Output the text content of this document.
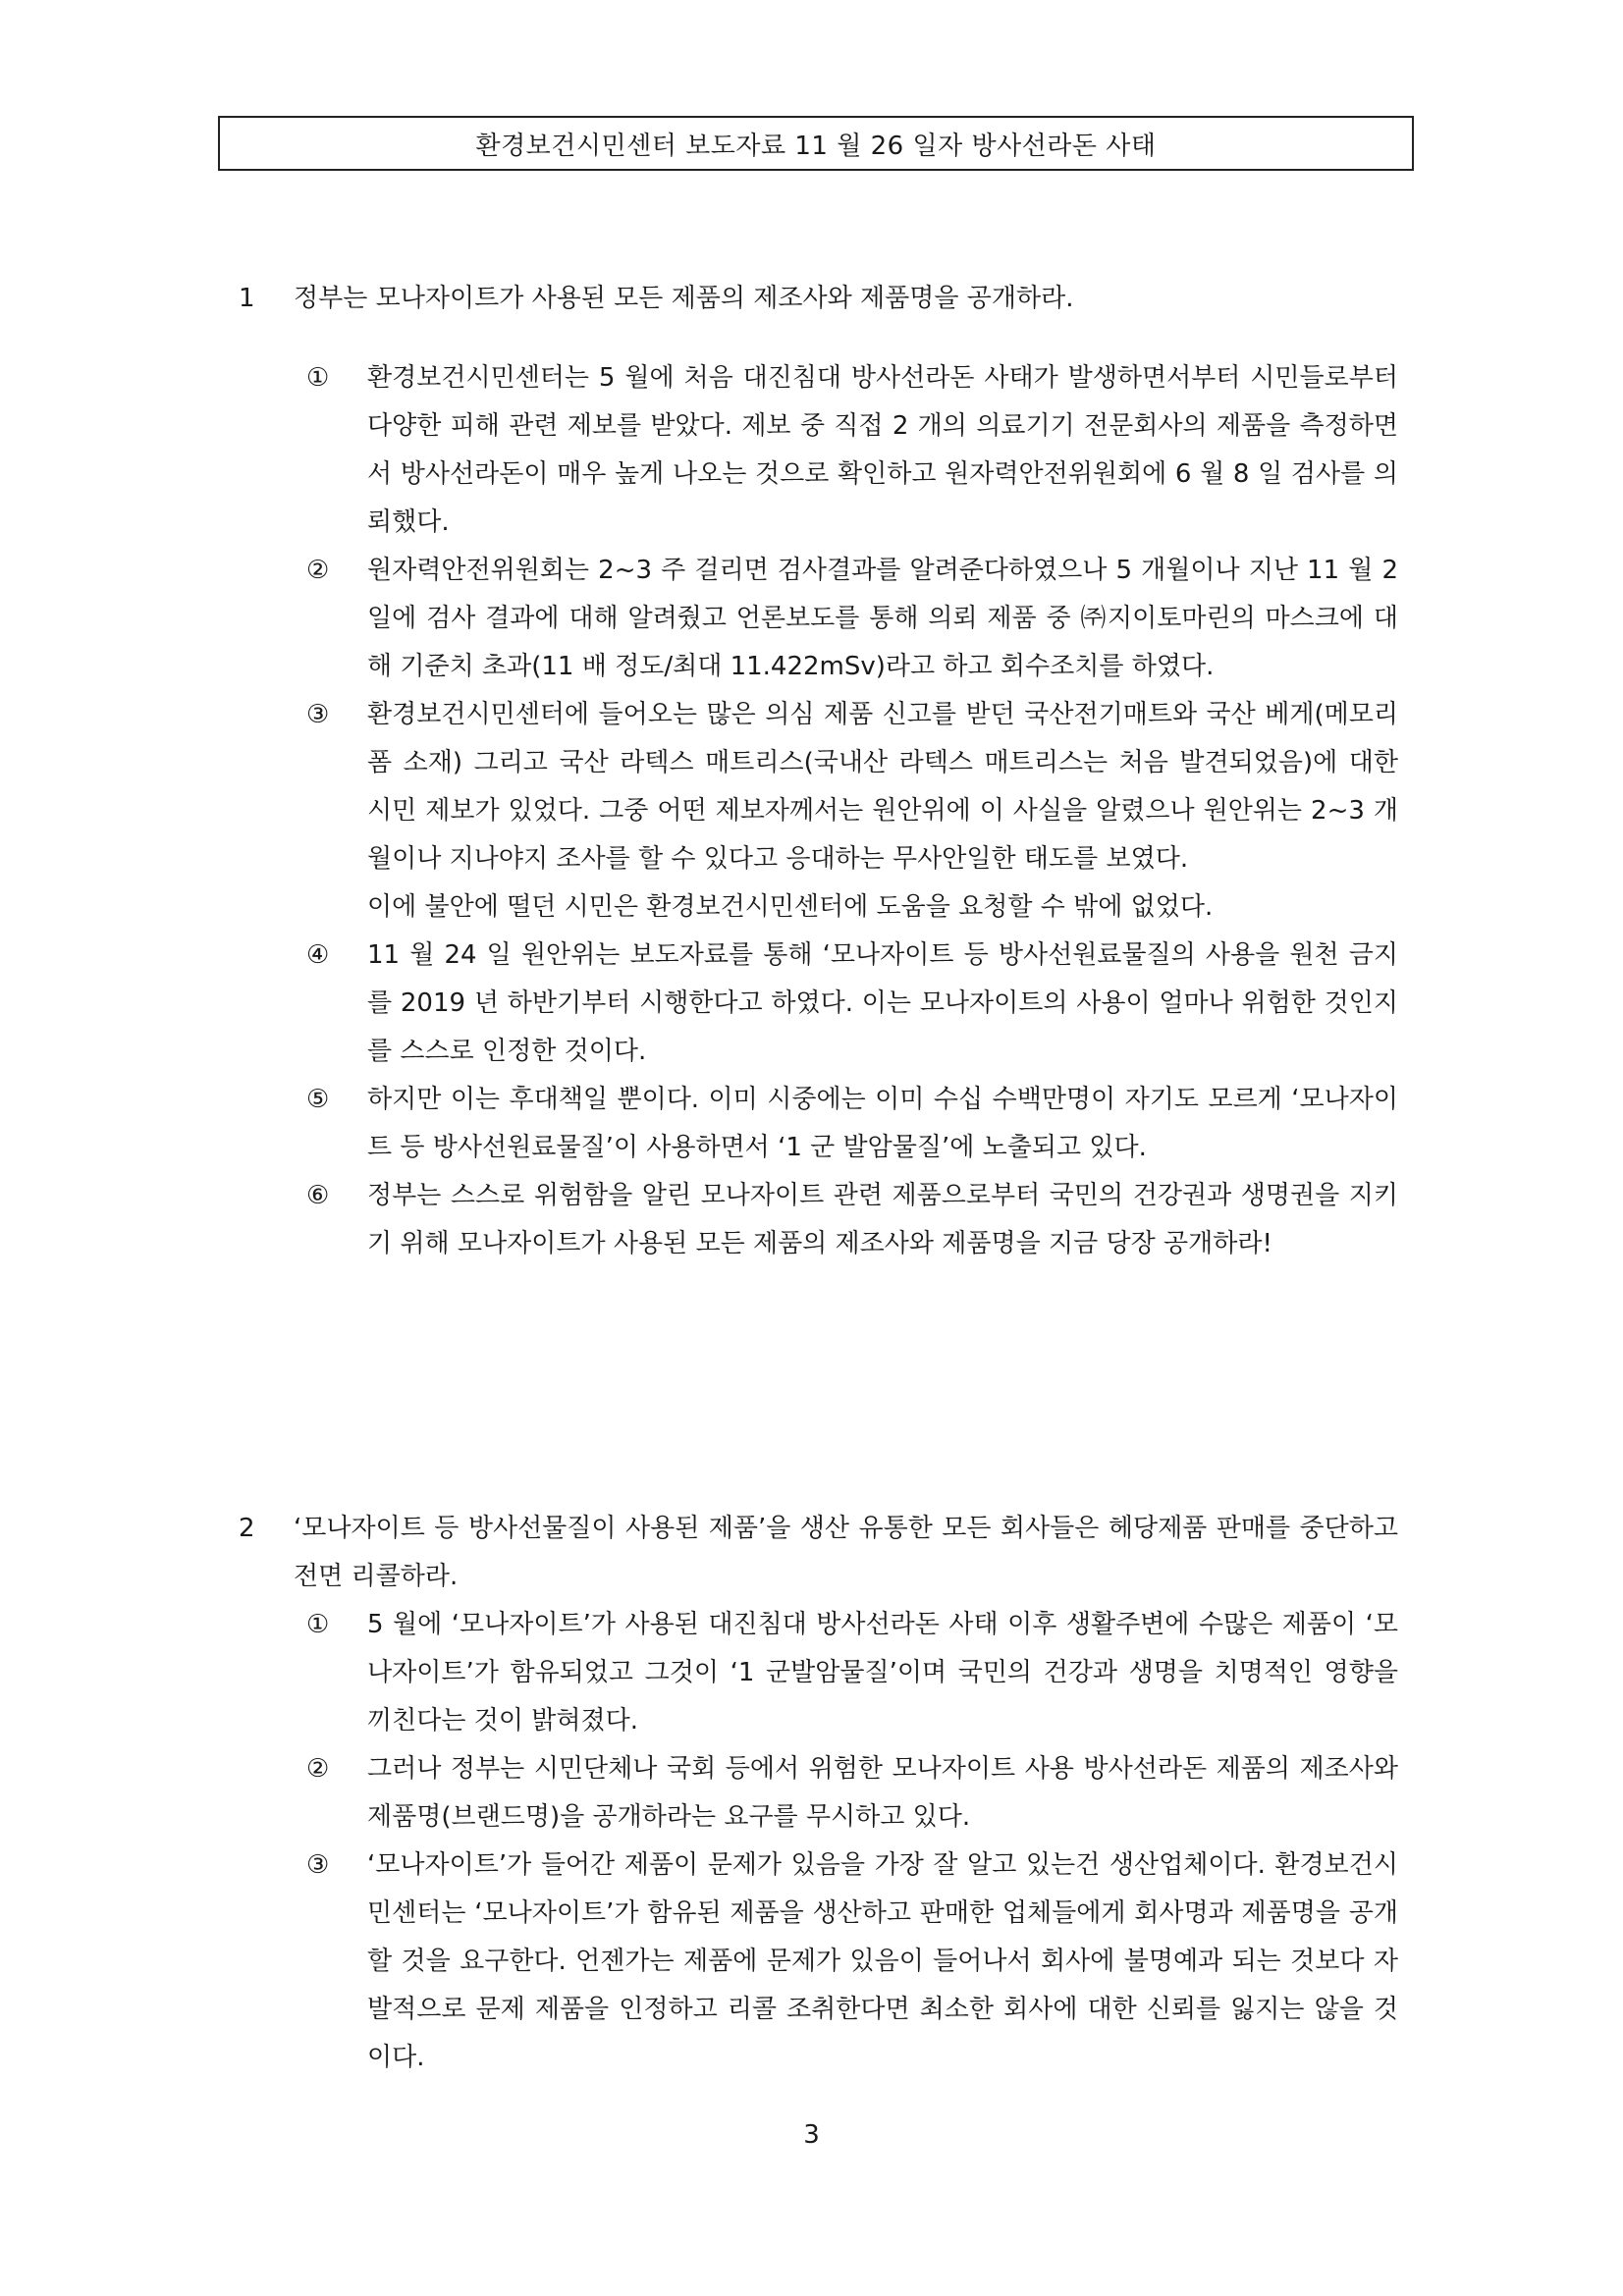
환경보건시민센터 보도자료 11 월 26 일자 방사선라돈 사태
1 정부는 모나자이트가 사용된 모든 제품의 제조사와 제품명을 공개하라.
① 환경보건시민센터는 5 월에 처음 대진침대 방사선라돈 사태가 발생하면서부터 시민들로부터 다양한 피해 관련 제보를 받았다. 제보 중 직접 2 개의 의료기기 전문회사의 제품을 측정하면서 방사선라돈이 매우 높게 나오는 것으로 확인하고 원자력안전위원회에 6 월 8 일 검사를 의뢰했다.
② 원자력안전위원회는 2~3 주 걸리면 검사결과를 알려준다하였으나 5 개월이나 지난 11 월 2 일에 검사 결과에 대해 알려줬고 언론보도를 통해 의뢰 제품 중 ㈜지이토마린의 마스크에 대해 기준치 초과(11 배 정도/최대 11.422mSv)라고 하고 회수조치를 하였다.
③ 환경보건시민센터에 들어오는 많은 의심 제품 신고를 받던 국산전기매트와 국산 베게(메모리폼 소재) 그리고 국산 라텍스 매트리스(국내산 라텍스 매트리스는 처음 발견되었음)에 대한 시민 제보가 있었다. 그중 어떤 제보자께서는 원안위에 이 사실을 알렸으나 원안위는 2~3 개월이나 지나야지 조사를 할 수 있다고 응대하는 무사안일한 태도를 보였다.
이에 불안에 떨던 시민은 환경보건시민센터에 도움을 요청할 수 밖에 없었다.
④ 11 월 24 일 원안위는 보도자료를 통해 ‘모나자이트 등 방사선원료물질의 사용을 원천 금지를 2019 년 하반기부터 시행한다고 하였다. 이는 모나자이트의 사용이 얼마나 위험한 것인지를 스스로 인정한 것이다.
⑤ 하지만 이는 후대책일 뿐이다. 이미 시중에는 이미 수십 수백만명이 자기도 모르게 ‘모나자이트 등 방사선원료물질’이 사용하면서 ‘1 군 발암물질’에 노출되고 있다.
⑥ 정부는 스스로 위험함을 알린 모나자이트 관련 제품으로부터 국민의 건강권과 생명권을 지키기 위해 모나자이트가 사용된 모든 제품의 제조사와 제품명을 지금 당장 공개하라!
2 ‘모나자이트 등 방사선물질이 사용된 제품’을 생산 유통한 모든 회사들은 헤당제품 판매를 중단하고 전면 리콜하라.
① 5 월에 ‘모나자이트’가 사용된 대진침대 방사선라돈 사태 이후 생활주변에 수많은 제품이 ‘모나자이트’가 함유되었고 그것이 ‘1 군발암물질’이며 국민의 건강과 생명을 치명적인 영향을 끼친다는 것이 밝혀졌다.
② 그러나 정부는 시민단체나 국회 등에서 위험한 모나자이트 사용 방사선라돈 제품의 제조사와 제품명(브랜드명)을 공개하라는 요구를 무시하고 있다.
③ ‘모나자이트’가 들어간 제품이 문제가 있음을 가장 잘 알고 있는건 생산업체이다. 환경보건시민센터는 ‘모나자이트’가 함유된 제품을 생산하고 판매한 업체들에게 회사명과 제품명을 공개할 것을 요구한다. 언젠가는 제품에 문제가 있음이 들어나서 회사에 불명예과 되는 것보다 자발적으로 문제 제품을 인정하고 리콜 조취한다면 최소한 회사에 대한 신뢰를 잃지는 않을 것이다.
3
